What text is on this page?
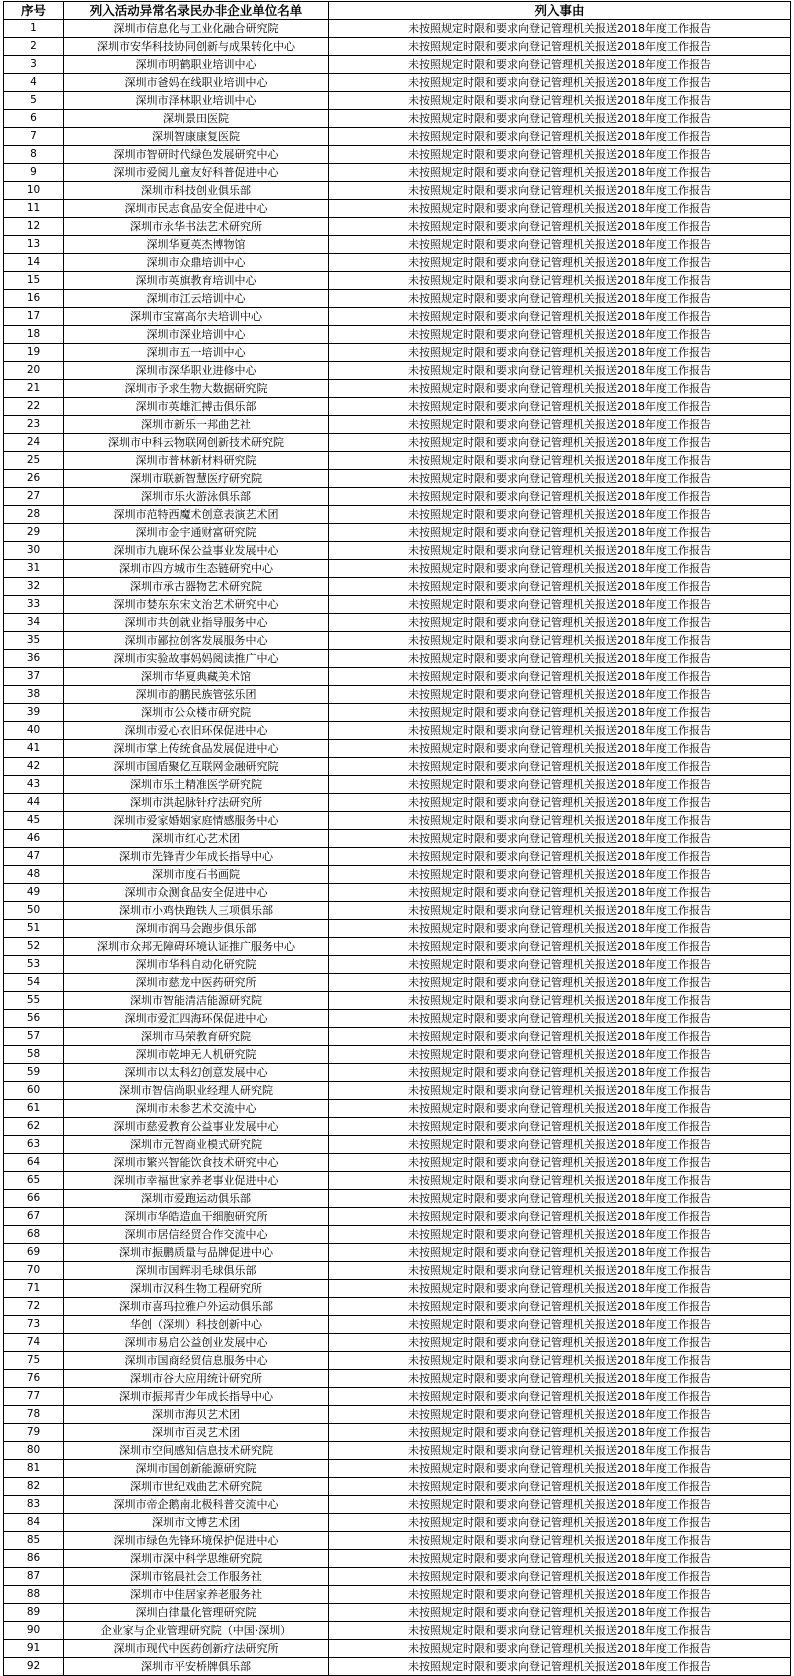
序号	列入活动异常名录民办非企业单位名单	列入事由
1	深圳市信息化与工业化融合研究院	未按照规定时限和要求向登记管理机关报送2018年度工作报告
2	深圳市安华科技协同创新与成果转化中心	未按照规定时限和要求向登记管理机关报送2018年度工作报告
3	深圳市明鹤职业培训中心	未按照规定时限和要求向登记管理机关报送2018年度工作报告
4	深圳市爸妈在线职业培训中心	未按照规定时限和要求向登记管理机关报送2018年度工作报告
5	深圳市泽林职业培训中心	未按照规定时限和要求向登记管理机关报送2018年度工作报告
6	深圳景田医院	未按照规定时限和要求向登记管理机关报送2018年度工作报告
7	深圳智康康复医院	未按照规定时限和要求向登记管理机关报送2018年度工作报告
8	深圳市智研时代绿色发展研究中心	未按照规定时限和要求向登记管理机关报送2018年度工作报告
9	深圳市爱阅儿童友好科普促进中心	未按照规定时限和要求向登记管理机关报送2018年度工作报告
10	深圳市科技创业俱乐部	未按照规定时限和要求向登记管理机关报送2018年度工作报告
11	深圳市民志食品安全促进中心	未按照规定时限和要求向登记管理机关报送2018年度工作报告
12	深圳市永华书法艺术研究所	未按照规定时限和要求向登记管理机关报送2018年度工作报告
13	深圳华夏英杰博物馆	未按照规定时限和要求向登记管理机关报送2018年度工作报告
14	深圳市众鼎培训中心	未按照规定时限和要求向登记管理机关报送2018年度工作报告
15	深圳市英旗教育培训中心	未按照规定时限和要求向登记管理机关报送2018年度工作报告
16	深圳市江云培训中心	未按照规定时限和要求向登记管理机关报送2018年度工作报告
17	深圳市宝富高尔夫培训中心	未按照规定时限和要求向登记管理机关报送2018年度工作报告
18	深圳市深业培训中心	未按照规定时限和要求向登记管理机关报送2018年度工作报告
19	深圳市五一培训中心	未按照规定时限和要求向登记管理机关报送2018年度工作报告
20	深圳市深华职业进修中心	未按照规定时限和要求向登记管理机关报送2018年度工作报告
21	深圳市予求生物大数据研究院	未按照规定时限和要求向登记管理机关报送2018年度工作报告
22	深圳市英雄汇搏击俱乐部	未按照规定时限和要求向登记管理机关报送2018年度工作报告
23	深圳市新乐一邦曲艺社	未按照规定时限和要求向登记管理机关报送2018年度工作报告
24	深圳市中科云物联网创新技术研究院	未按照规定时限和要求向登记管理机关报送2018年度工作报告
25	深圳市普林新材料研究院	未按照规定时限和要求向登记管理机关报送2018年度工作报告
26	深圳市联新智慧医疗研究院	未按照规定时限和要求向登记管理机关报送2018年度工作报告
27	深圳市乐火游泳俱乐部	未按照规定时限和要求向登记管理机关报送2018年度工作报告
28	深圳市范特西魔术创意表演艺术团	未按照规定时限和要求向登记管理机关报送2018年度工作报告
29	深圳市金宇通财富研究院	未按照规定时限和要求向登记管理机关报送2018年度工作报告
30	深圳市九鹿环保公益事业发展中心	未按照规定时限和要求向登记管理机关报送2018年度工作报告
31	深圳市四方城市生态链研究中心	未按照规定时限和要求向登记管理机关报送2018年度工作报告
32	深圳市承古器物艺术研究院	未按照规定时限和要求向登记管理机关报送2018年度工作报告
33	深圳市婪东东宋文治艺术研究中心	未按照规定时限和要求向登记管理机关报送2018年度工作报告
34	深圳市共创就业指导服务中心	未按照规定时限和要求向登记管理机关报送2018年度工作报告
35	深圳市鄙拉创客发展服务中心	未按照规定时限和要求向登记管理机关报送2018年度工作报告
36	深圳市实验故事妈妈阅读推广中心	未按照规定时限和要求向登记管理机关报送2018年度工作报告
37	深圳市华夏典藏美术馆	未按照规定时限和要求向登记管理机关报送2018年度工作报告
38	深圳市韵鹏民族管弦乐团	未按照规定时限和要求向登记管理机关报送2018年度工作报告
39	深圳市公众楼市研究院	未按照规定时限和要求向登记管理机关报送2018年度工作报告
40	深圳市爱心衣旧环保促进中心	未按照规定时限和要求向登记管理机关报送2018年度工作报告
41	深圳市掌上传统食品发展促进中心	未按照规定时限和要求向登记管理机关报送2018年度工作报告
42	深圳市国盾聚亿互联网金融研究院	未按照规定时限和要求向登记管理机关报送2018年度工作报告
43	深圳市乐土精准医学研究院	未按照规定时限和要求向登记管理机关报送2018年度工作报告
44	深圳市洪起脉针疗法研究所	未按照规定时限和要求向登记管理机关报送2018年度工作报告
45	深圳市爱家婚姻家庭情感服务中心	未按照规定时限和要求向登记管理机关报送2018年度工作报告
46	深圳市红心艺术团	未按照规定时限和要求向登记管理机关报送2018年度工作报告
47	深圳市先锋青少年成长指导中心	未按照规定时限和要求向登记管理机关报送2018年度工作报告
48	深圳市度石书画院	未按照规定时限和要求向登记管理机关报送2018年度工作报告
49	深圳市众测食品安全促进中心	未按照规定时限和要求向登记管理机关报送2018年度工作报告
50	深圳市小鸡快跑铁人三项俱乐部	未按照规定时限和要求向登记管理机关报送2018年度工作报告
51	深圳市润马会跑步俱乐部	未按照规定时限和要求向登记管理机关报送2018年度工作报告
52	深圳市众邦无障碍环境认证推广服务中心	未按照规定时限和要求向登记管理机关报送2018年度工作报告
53	深圳市华科自动化研究院	未按照规定时限和要求向登记管理机关报送2018年度工作报告
54	深圳市慈龙中医药研究所	未按照规定时限和要求向登记管理机关报送2018年度工作报告
55	深圳市智能清洁能源研究院	未按照规定时限和要求向登记管理机关报送2018年度工作报告
56	深圳市爱汇四海环保促进中心	未按照规定时限和要求向登记管理机关报送2018年度工作报告
57	深圳市马荣教育研究院	未按照规定时限和要求向登记管理机关报送2018年度工作报告
58	深圳市乾坤无人机研究院	未按照规定时限和要求向登记管理机关报送2018年度工作报告
59	深圳市以太科幻创意发展中心	未按照规定时限和要求向登记管理机关报送2018年度工作报告
60	深圳市智信尚职业经理人研究院	未按照规定时限和要求向登记管理机关报送2018年度工作报告
61	深圳市未参艺术交流中心	未按照规定时限和要求向登记管理机关报送2018年度工作报告
62	深圳市慈爱教育公益事业发展中心	未按照规定时限和要求向登记管理机关报送2018年度工作报告
63	深圳市元智商业模式研究院	未按照规定时限和要求向登记管理机关报送2018年度工作报告
64	深圳市繁兴智能饮食技术研究中心	未按照规定时限和要求向登记管理机关报送2018年度工作报告
65	深圳市幸福世家养老事业促进中心	未按照规定时限和要求向登记管理机关报送2018年度工作报告
66	深圳市爱跑运动俱乐部	未按照规定时限和要求向登记管理机关报送2018年度工作报告
67	深圳市华皓造血干细胞研究所	未按照规定时限和要求向登记管理机关报送2018年度工作报告
68	深圳市居信经贸合作交流中心	未按照规定时限和要求向登记管理机关报送2018年度工作报告
69	深圳市振鹏质量与品牌促进中心	未按照规定时限和要求向登记管理机关报送2018年度工作报告
70	深圳市国辉羽毛球俱乐部	未按照规定时限和要求向登记管理机关报送2018年度工作报告
71	深圳市汉科生物工程研究所	未按照规定时限和要求向登记管理机关报送2018年度工作报告
72	深圳市喜玛拉雅户外运动俱乐部	未按照规定时限和要求向登记管理机关报送2018年度工作报告
73	华创（深圳）科技创新中心	未按照规定时限和要求向登记管理机关报送2018年度工作报告
74	深圳市易启公益创业发展中心	未按照规定时限和要求向登记管理机关报送2018年度工作报告
75	深圳市国商经贸信息服务中心	未按照规定时限和要求向登记管理机关报送2018年度工作报告
76	深圳市谷大应用统计研究所	未按照规定时限和要求向登记管理机关报送2018年度工作报告
77	深圳市振邦青少年成长指导中心	未按照规定时限和要求向登记管理机关报送2018年度工作报告
78	深圳市海贝艺术团	未按照规定时限和要求向登记管理机关报送2018年度工作报告
79	深圳市百灵艺术团	未按照规定时限和要求向登记管理机关报送2018年度工作报告
80	深圳市空间感知信息技术研究院	未按照规定时限和要求向登记管理机关报送2018年度工作报告
81	深圳市国创新能源研究院	未按照规定时限和要求向登记管理机关报送2018年度工作报告
82	深圳市世纪戏曲艺术研究院	未按照规定时限和要求向登记管理机关报送2018年度工作报告
83	深圳市帝企鹅南北极科普交流中心	未按照规定时限和要求向登记管理机关报送2018年度工作报告
84	深圳市文博艺术团	未按照规定时限和要求向登记管理机关报送2018年度工作报告
85	深圳市绿色先锋环境保护促进中心	未按照规定时限和要求向登记管理机关报送2018年度工作报告
86	深圳市深中科学思维研究院	未按照规定时限和要求向登记管理机关报送2018年度工作报告
87	深圳市铭晨社会工作服务社	未按照规定时限和要求向登记管理机关报送2018年度工作报告
88	深圳市中佳居家养老服务社	未按照规定时限和要求向登记管理机关报送2018年度工作报告
89	深圳白律量化管理研究院	未按照规定时限和要求向登记管理机关报送2018年度工作报告
90	企业家与企业管理研究院（中国·深圳）	未按照规定时限和要求向登记管理机关报送2018年度工作报告
91	深圳市现代中医药创新疗法研究所	未按照规定时限和要求向登记管理机关报送2018年度工作报告
92	深圳市平安桥牌俱乐部	未按照规定时限和要求向登记管理机关报送2018年度工作报告
